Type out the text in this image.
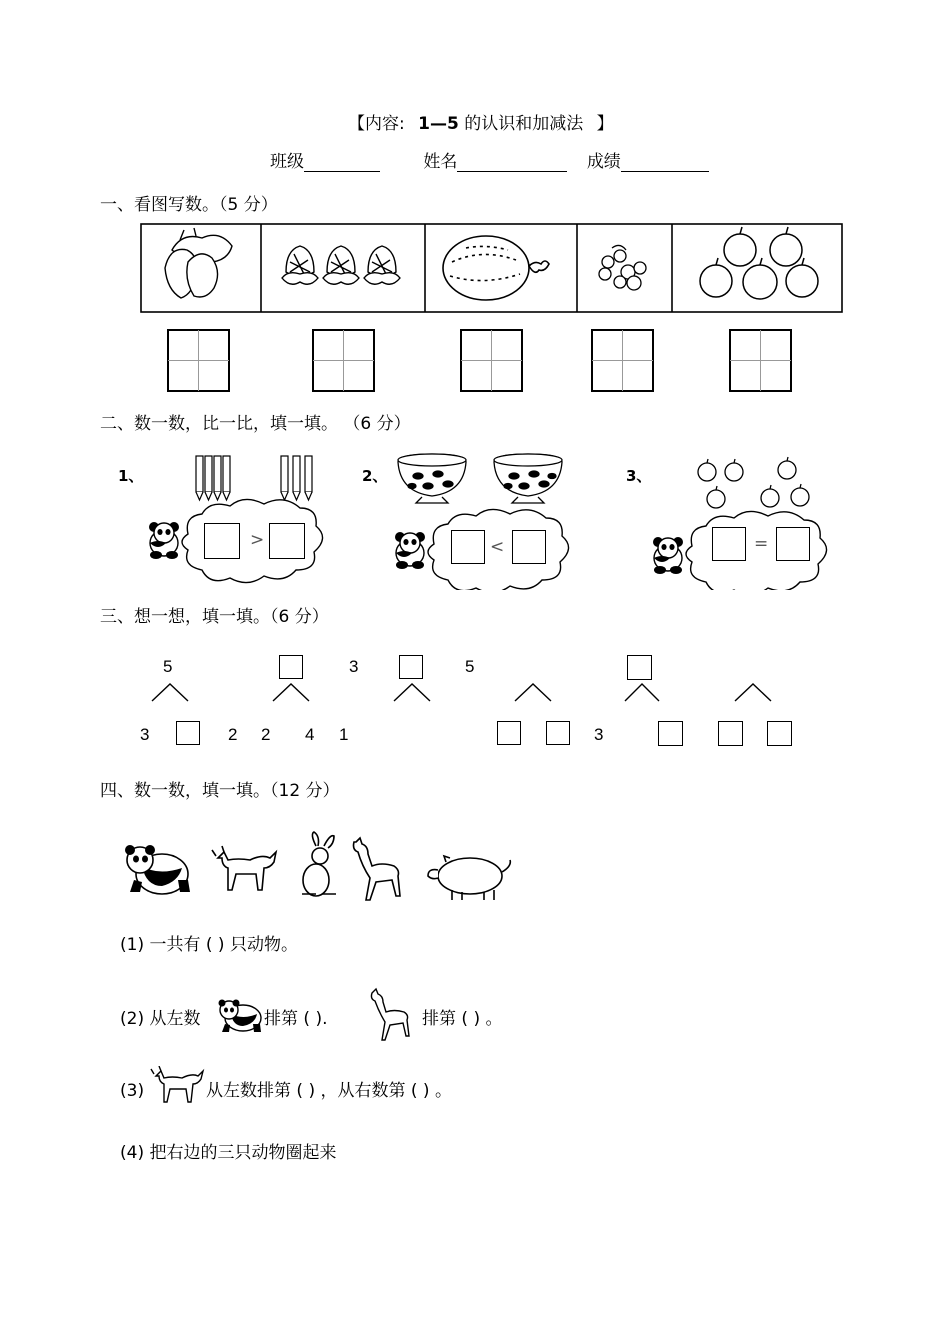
【内容: 1—5 的认识和加减法 】
班级	姓名	成绩
一、看图写数。（5 分）
二、数一数，比一比，填一填。 （6 分）
1、	2、	3、
>	<	=
三、想一想，填一填。（6 分）
5	3	5
3	2 2 4 1	3
四、数一数，填一填。（12 分）
(1) 一共有 ( ) 只动物。
(2) 从左数	排第 ( ).	排第 ( ) 。
(3)	从左数排第 ( ) ，从右数第 ( ) 。
(4) 把右边的三只动物圈起来
